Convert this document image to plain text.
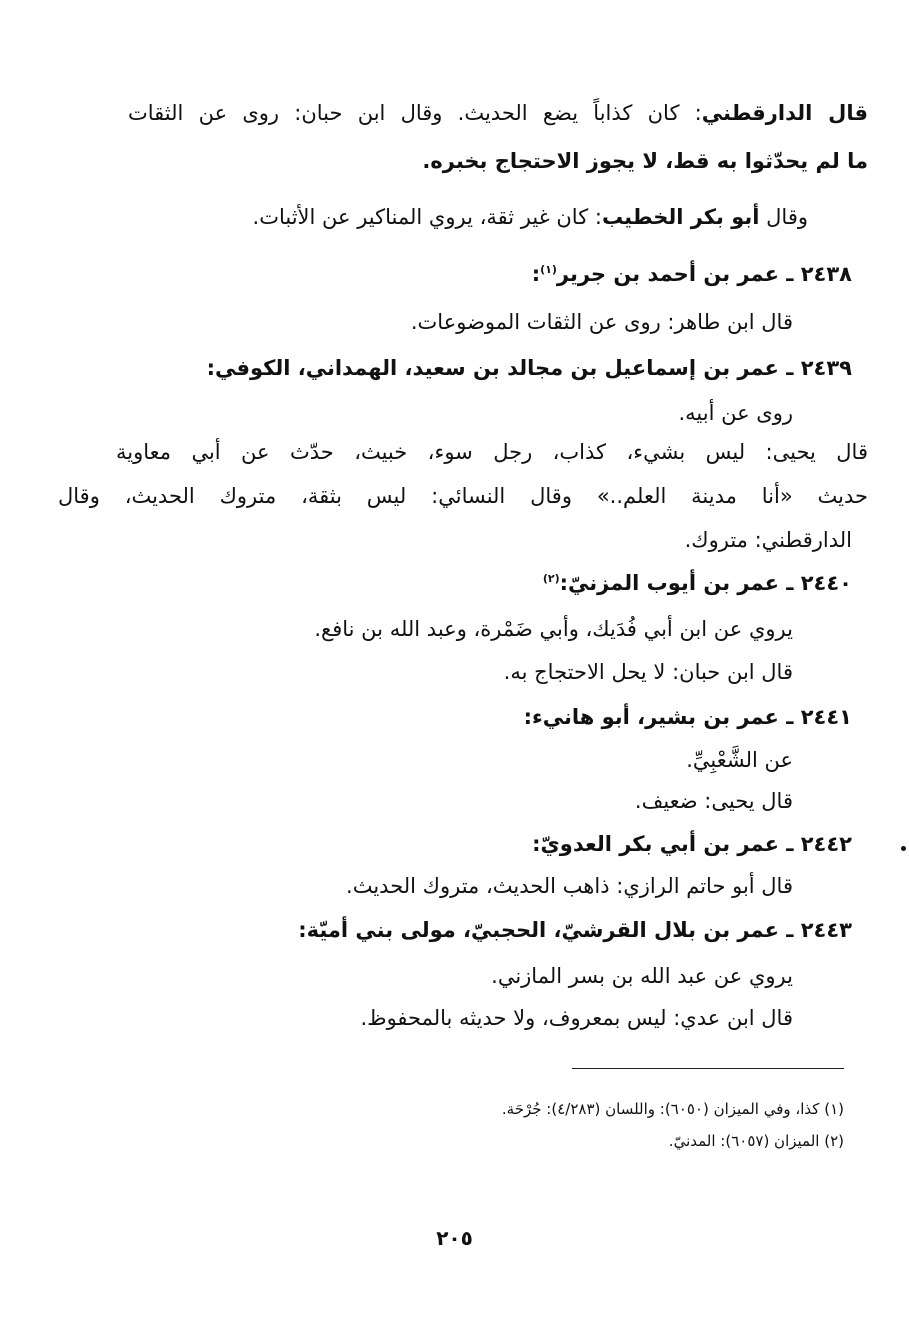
قال الدارقطني: كان كذاباً يضع الحديث. وقال ابن حبان: روى عن الثقات
ما لم يحدّثوا به قط، لا يجوز الاحتجاج بخبره.
وقال أبو بكر الخطيب: كان غير ثقة، يروي المناكير عن الأثبات.
٢٤٣٨ ـ عمر بن أحمد بن جرير$^{(١)}$:
قال ابن طاهر: روى عن الثقات الموضوعات.
٢٤٣٩ ـ عمر بن إسماعيل بن مجالد بن سعيد، الهمداني، الكوفي:
روى عن أبيه.
قال يحيى: ليس بشيء، كذاب، رجل سوء، خبيث، حدّث عن أبي معاوية
حديث «أنا مدينة العلم..» وقال النسائي: ليس بثقة، متروك الحديث، وقال
الدارقطني: متروك.
٢٤٤٠ ـ عمر بن أيوب المزنيّ:$^{(٢)}$
يروي عن ابن أبي فُدَيك، وأبي ضَمْرة، وعبد الله بن نافع.
قال ابن حبان: لا يحل الاحتجاج به.
٢٤٤١ ـ عمر بن بشير، أبو هانيء:
عن الشَّعْبِيِّ.
قال يحيى: ضعيف.
٢٤٤٢ ـ عمر بن أبي بكر العدويّ:
قال أبو حاتم الرازي: ذاهب الحديث، متروك الحديث.
٢٤٤٣ ـ عمر بن بلال القرشيّ، الحجبيّ، مولى بني أميّة:
يروي عن عبد الله بن بسر المازني.
قال ابن عدي: ليس بمعروف، ولا حديثه بالمحفوظ.
(١) كذا، وفي الميزان (٦٠٥٠): واللسان (٤/٢٨٣): جُرْحَة.
(٢) الميزان (٦٠٥٧): المدنيّ.
٢٠٥
